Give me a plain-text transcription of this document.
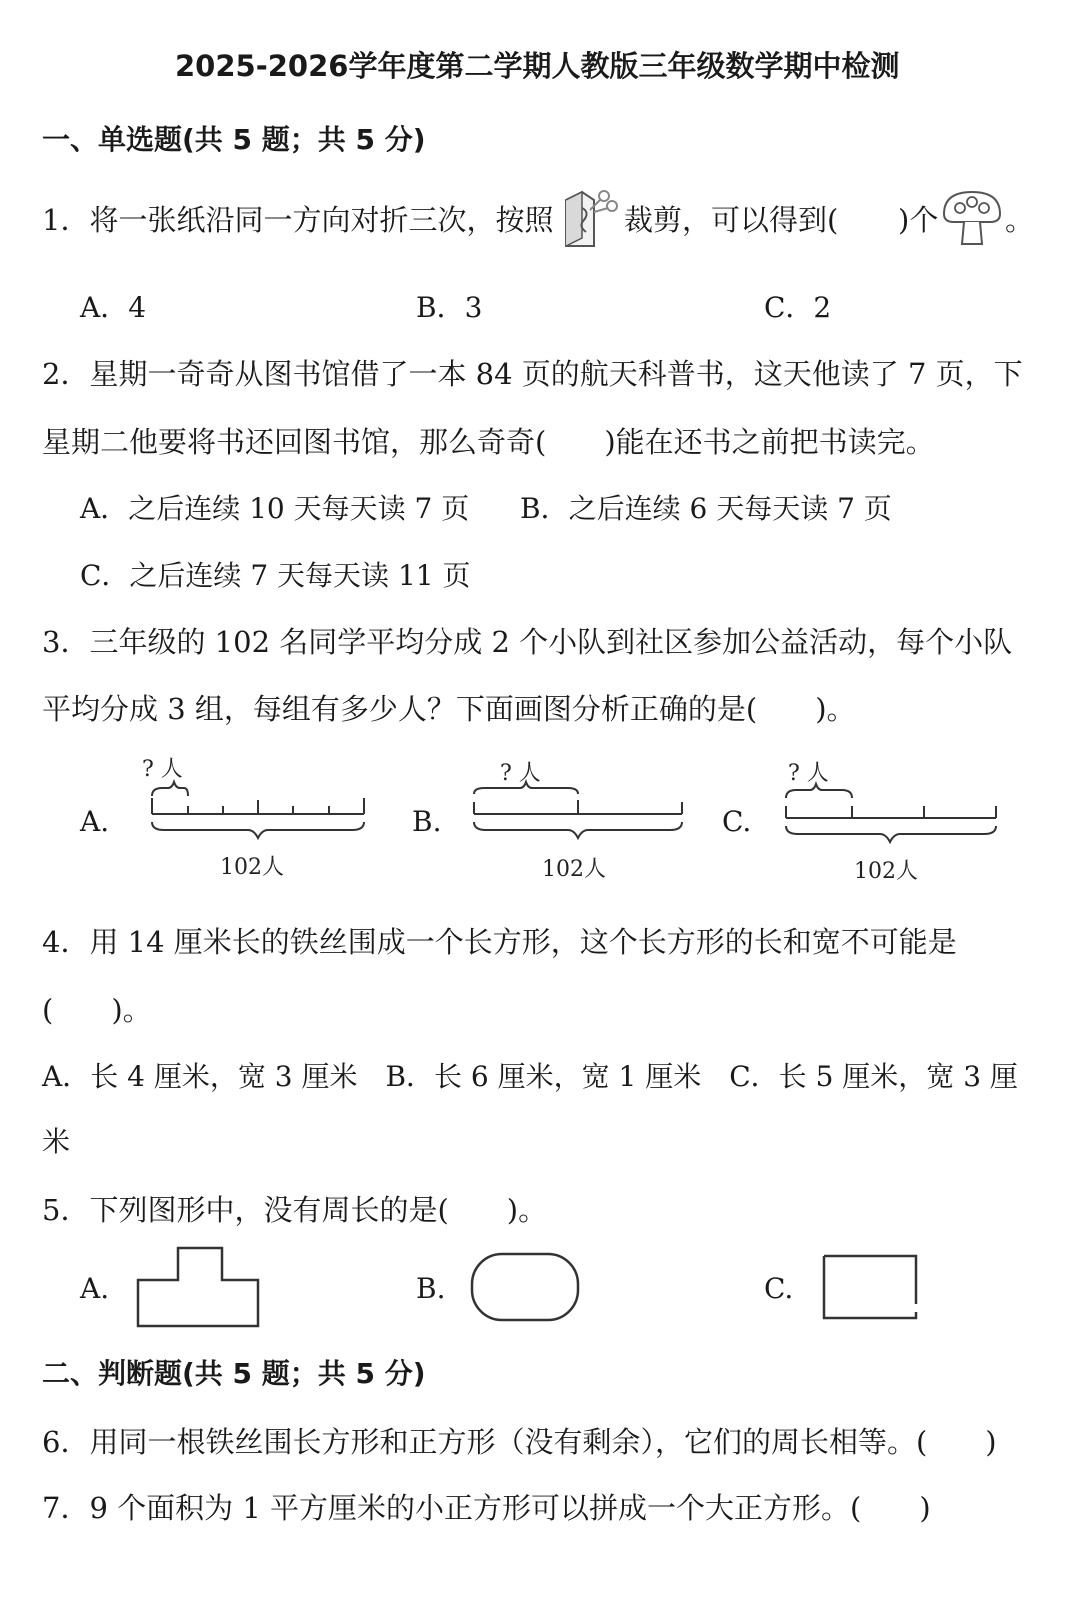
2025-2026学年度第二学期人教版三年级数学期中检测
一、单选题(共 5 题；共 5 分)
1．将一张纸沿同一方向对折三次，按照 裁剪，可以得到( )个 。
A．4	B．3	C．2
2．星期一奇奇从图书馆借了一本 84 页的航天科普书，这天他读了 7 页，下
星期二他要将书还回图书馆，那么奇奇(　　)能在还书之前把书读完。
A．之后连续 10 天每天读 7 页 B．之后连续 6 天每天读 7 页
C．之后连续 7 天每天读 11 页
3．三年级的 102 名同学平均分成 2 个小队到社区参加公益活动，每个小队
平均分成 3 组，每组有多少人？下面画图分析正确的是(　　)。
A.
? 人
102人
B.
? 人
102人
C.
? 人
102人
4．用 14 厘米长的铁丝围成一个长方形，这个长方形的长和宽不可能是
(　　)。
A．长 4 厘米，宽 3 厘米　B．长 6 厘米，宽 1 厘米　C．长 5 厘米，宽 3 厘
米
5．下列图形中，没有周长的是(　　)。
A.	B.	C.
二、判断题(共 5 题；共 5 分)
6．用同一根铁丝围长方形和正方形（没有剩余），它们的周长相等。(　　)
7．9 个面积为 1 平方厘米的小正方形可以拼成一个大正方形。(　　)
